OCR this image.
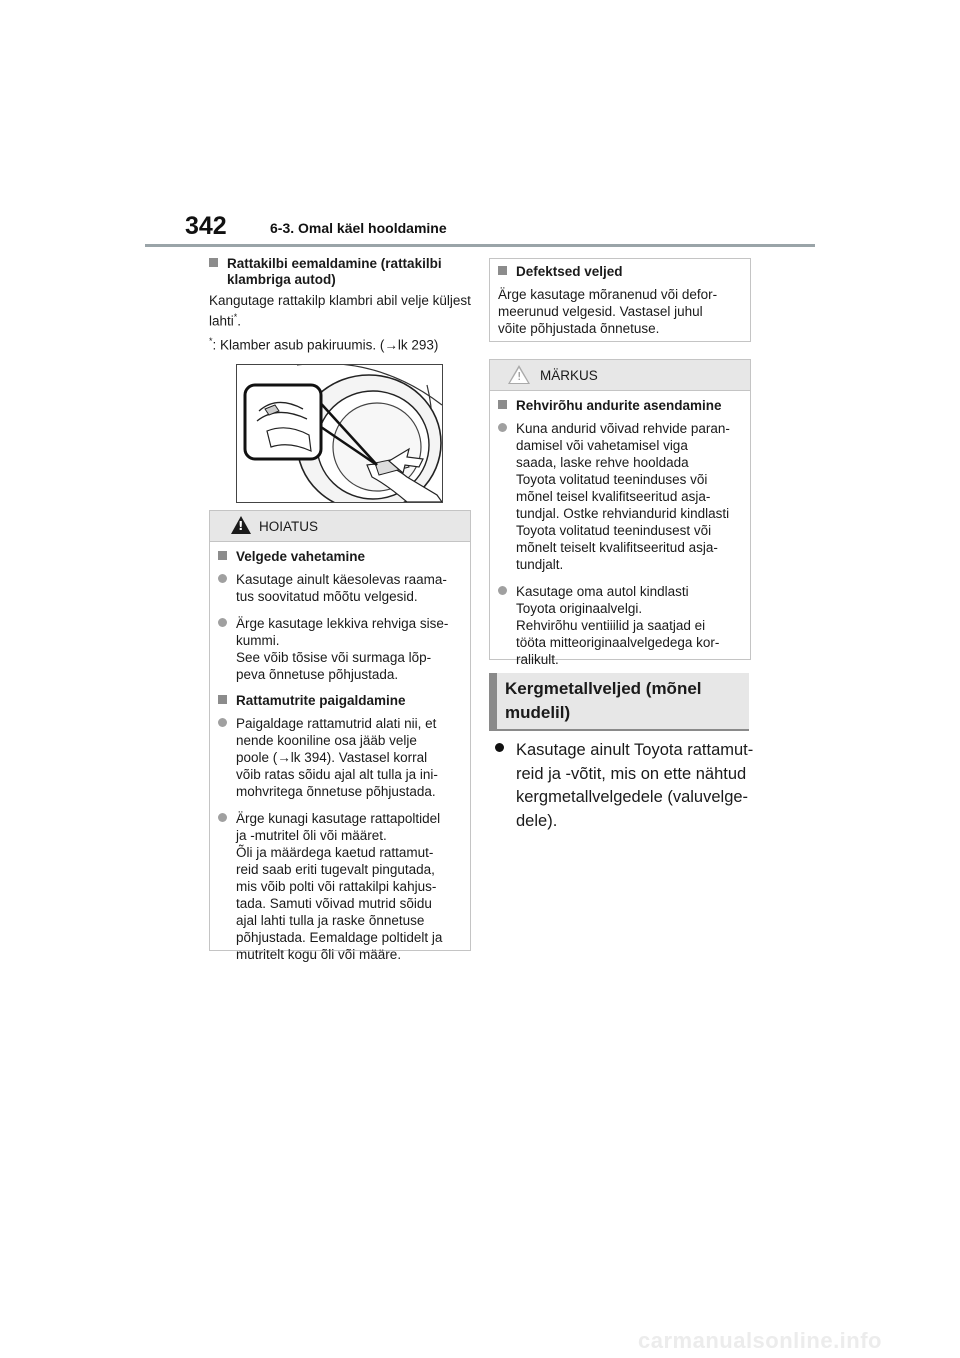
342	6-3. Omal käel hooldamine

Rattakilbi eemaldamine (rattakilbi klambriga autod)

Kangutage rattakilp klambri abil velje küljest lahti*.

*: Klamber asub pakiruumis. (→lk 293)

!
HOIATUS

Velgede vahetamine

Kasutage ainult käesolevas raama-
tus soovitatud mõõtu velgesid.

Ärge kasutage lekkiva rehviga sise-
kummi.
See võib tõsise või surmaga lõp-
peva õnnetuse põhjustada.

Rattamutrite paigaldamine

Paigaldage rattamutrid alati nii, et
nende kooniline osa jääb velje
poole (→lk 394). Vastasel korral
võib ratas sõidu ajal alt tulla ja ini-
mohvritega õnnetuse põhjustada.

Ärge kunagi kasutage rattapoltidel
ja -mutritel õli või määret.
Õli ja määrdega kaetud rattamut-
reid saab eriti tugevalt pingutada,
mis võib polti või rattakilpi kahjus-
tada. Samuti võivad mutrid sõidu
ajal lahti tulla ja raske õnnetuse
põhjustada. Eemaldage poltidelt ja
mutritelt kogu õli või määre.

Defektsed veljed

Ärge kasutage mõranenud või defor-
meerunud velgesid. Vastasel juhul
võite põhjustada õnnetuse.

! MÄRKUS

Rehvirõhu andurite asendamine

Kuna andurid võivad rehvide paran-
damisel või vahetamisel viga
saada, laske rehve hooldada
Toyota volitatud teeninduses või
mõnel teisel kvalifitseeritud asja-
tundjal. Ostke rehviandurid kindlasti
Toyota volitatud teenindusest või
mõnelt teiselt kvalifitseeritud asja-
tundjalt.

Kasutage oma autol kindlasti
Toyota originaalvelgi.
Rehvirõhu ventiiilid ja saatjad ei
tööta mitteoriginaalvelgedega kor-
ralikult.

Kergmetallveljed (mõnel mudelil)

Kasutage ainult Toyota rattamut-
reid ja -võtit, mis on ette nähtud
kergmetallvelgedele (valuvelge-
dele).

carmanualsonline.info
